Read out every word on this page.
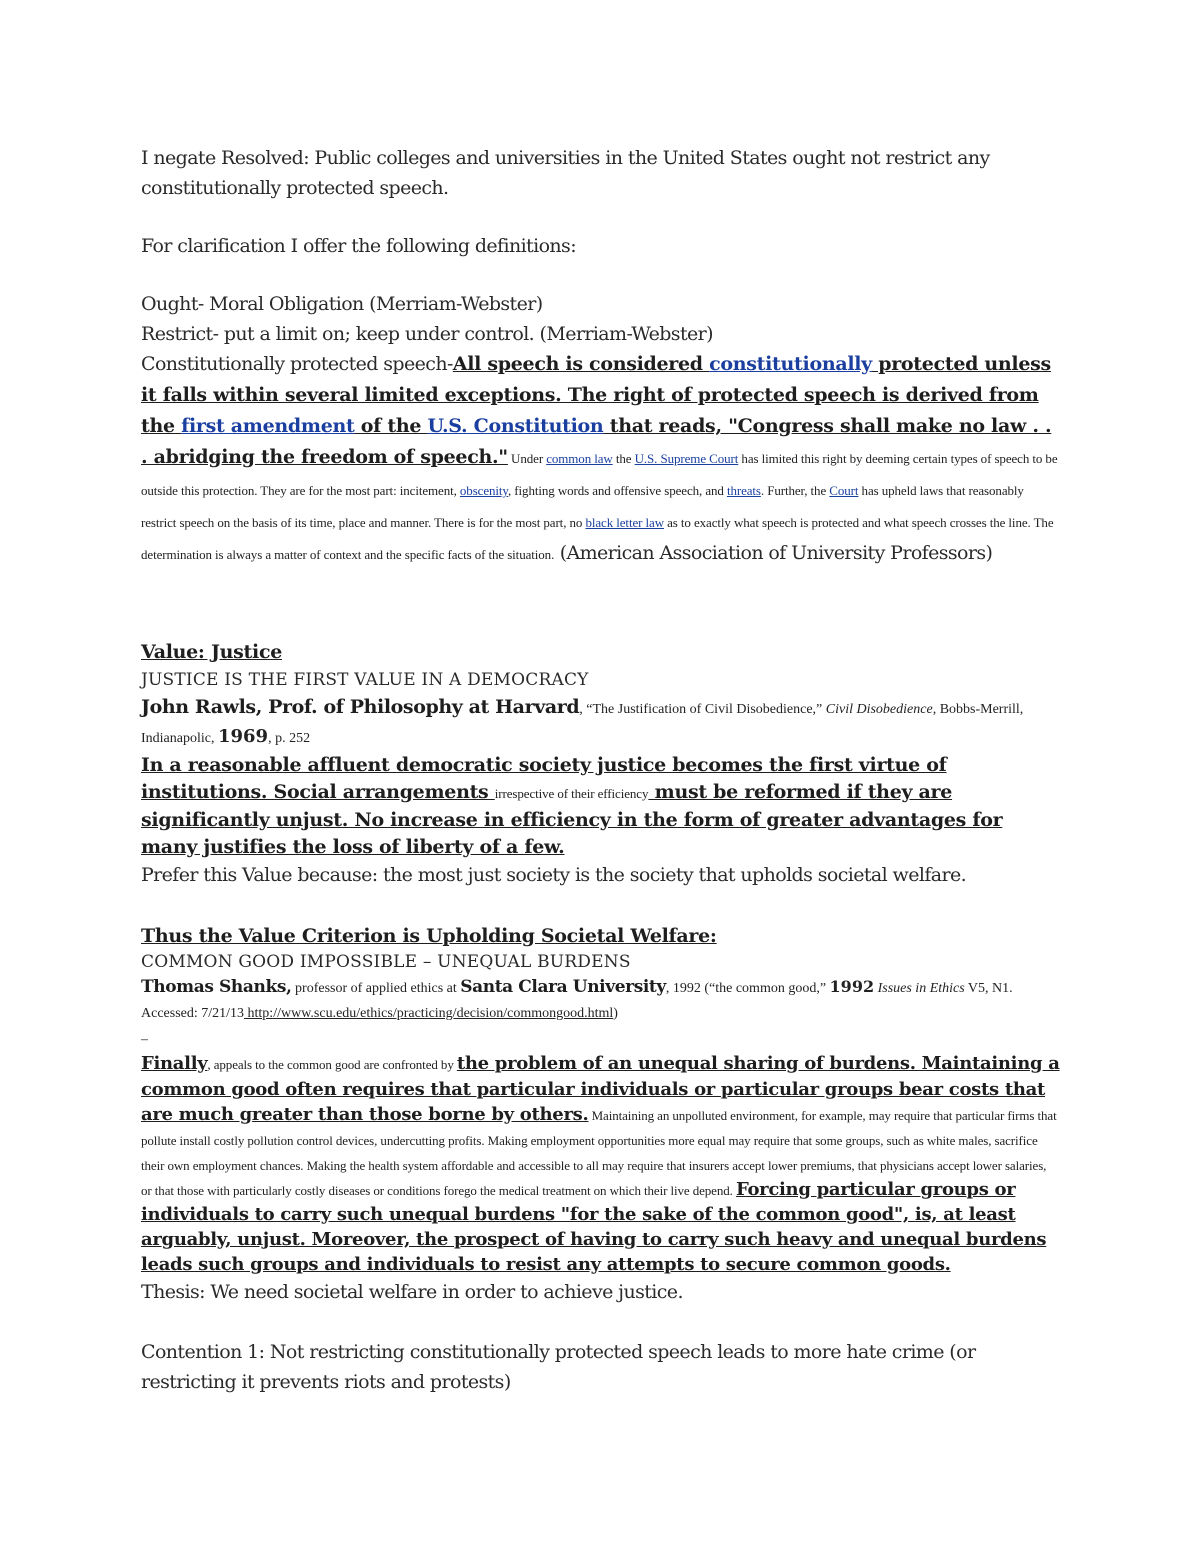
I negate Resolved: Public colleges and universities in the United States ought not restrict any constitutionally protected speech.

For clarification I offer the following definitions:

Ought- Moral Obligation (Merriam-Webster)

Restrict- put a limit on; keep under control. (Merriam-Webster)

Constitutionally protected speech-All speech is considered constitutionally protected unless it falls within several limited exceptions. The right of protected speech is derived from the first amendment of the U.S. Constitution that reads, "Congress shall make no law . . . abridging the freedom of speech." Under common law the U.S. Supreme Court has limited this right by deeming certain types of speech to be outside this protection. They are for the most part: incitement, obscenity, fighting words and offensive speech, and threats. Further, the Court has upheld laws that reasonably restrict speech on the basis of its time, place and manner. There is for the most part, no black letter law as to exactly what speech is protected and what speech crosses the line. The determination is always a matter of context and the specific facts of the situation. (American Association of University Professors)

Value: Justice

JUSTICE IS THE FIRST VALUE IN A DEMOCRACY

John Rawls, Prof. of Philosophy at Harvard, “The Justification of Civil Disobedience,” Civil Disobedience, Bobbs-Merrill, Indianapolic, 1969, p. 252
In a reasonable affluent democratic society justice becomes the first virtue of institutions. Social arrangements irrespective of their efficiency must be reformed if they are significantly unjust. No increase in efficiency in the form of greater advantages for many justifies the loss of liberty of a few.

Prefer this Value because: the most just society is the society that upholds societal welfare.

Thus the Value Criterion is Upholding Societal Welfare:

COMMON GOOD IMPOSSIBLE – UNEQUAL BURDENS

Thomas Shanks, professor of applied ethics at Santa Clara University, 1992 (“the common good,” 1992 Issues in Ethics V5, N1. Accessed: 7/21/13 http://www.scu.edu/ethics/practicing/decision/commongood.html)

–

Finally, appeals to the common good are confronted by the problem of an unequal sharing of burdens. Maintaining a common good often requires that particular individuals or particular groups bear costs that are much greater than those borne by others. Maintaining an unpolluted environment, for example, may require that particular firms that pollute install costly pollution control devices, undercutting profits. Making employment opportunities more equal may require that some groups, such as white males, sacrifice their own employment chances. Making the health system affordable and accessible to all may require that insurers accept lower premiums, that physicians accept lower salaries, or that those with particularly costly diseases or conditions forego the medical treatment on which their live depend. Forcing particular groups or individuals to carry such unequal burdens "for the sake of the common good", is, at least arguably, unjust. Moreover, the prospect of having to carry such heavy and unequal burdens leads such groups and individuals to resist any attempts to secure common goods.

Thesis: We need societal welfare in order to achieve justice.

Contention 1: Not restricting constitutionally protected speech leads to more hate crime (or restricting it prevents riots and protests)
